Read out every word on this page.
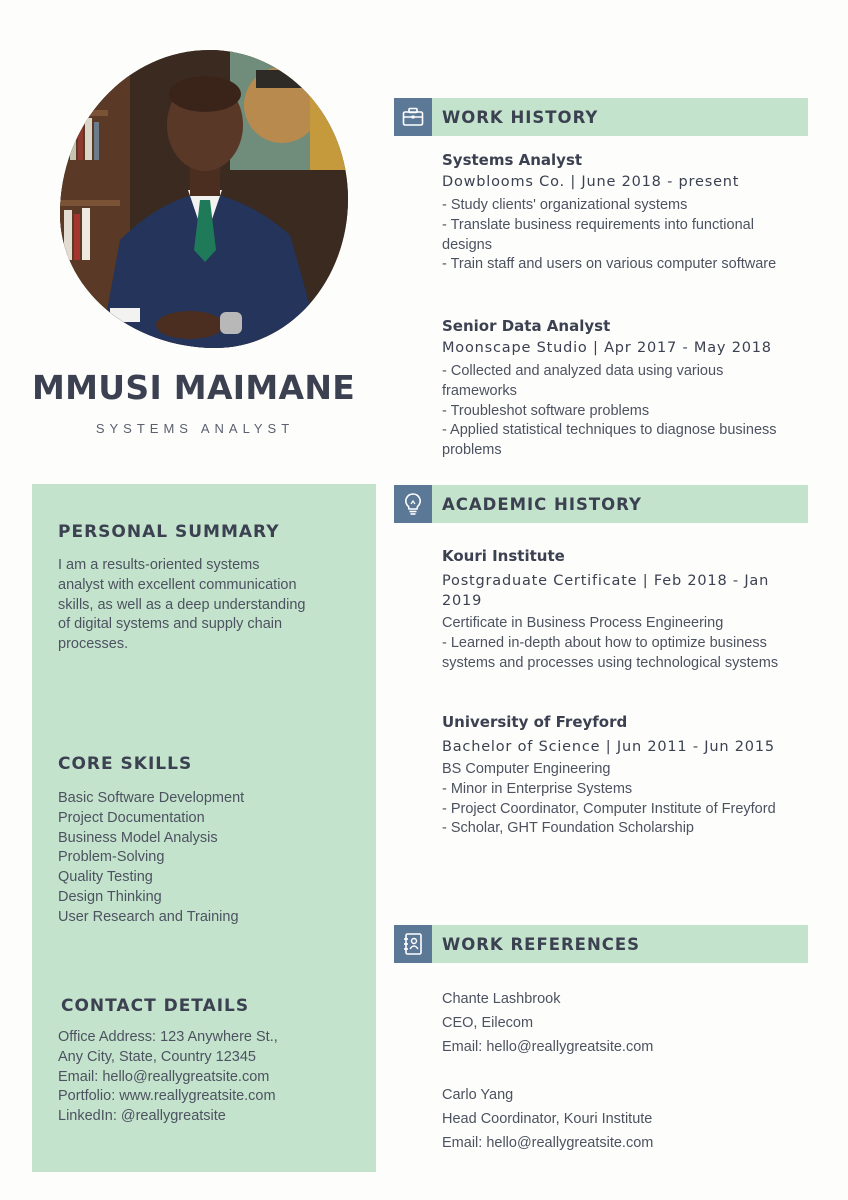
MMUSI MAIMANE
SYSTEMS ANALYST
PERSONAL SUMMARY

I am a results-oriented systems analyst with excellent communication skills, as well as a deep understanding of digital systems and supply chain processes.

CORE SKILLS
Basic Software Development
Project Documentation
Business Model Analysis
Problem-Solving
Quality Testing
Design Thinking
User Research and Training
CONTACT DETAILS
Office Address: 123 Anywhere St.,
Any City, State, Country 12345
Email: hello@reallygreatsite.com
Portfolio: www.reallygreatsite.com
LinkedIn: @reallygreatsite
WORK HISTORY
Systems Analyst
Dowblooms Co. | June 2018 - present
- Study clients' organizational systems
- Translate business requirements into functional designs
- Train staff and users on various computer software
Senior Data Analyst
Moonscape Studio | Apr 2017 - May 2018
- Collected and analyzed data using various frameworks
- Troubleshot software problems
- Applied statistical techniques to diagnose business problems
ACADEMIC HISTORY
Kouri Institute
Postgraduate Certificate | Feb 2018 - Jan 2019
Certificate in Business Process Engineering
- Learned in-depth about how to optimize business systems and processes using technological systems
University of Freyford
Bachelor of Science | Jun 2011 - Jun 2015
BS Computer Engineering
- Minor in Enterprise Systems
- Project Coordinator, Computer Institute of Freyford
- Scholar, GHT Foundation Scholarship
WORK REFERENCES
Chante Lashbrook
CEO, Eilecom
Email: hello@reallygreatsite.com
Carlo Yang
Head Coordinator, Kouri Institute
Email: hello@reallygreatsite.com
